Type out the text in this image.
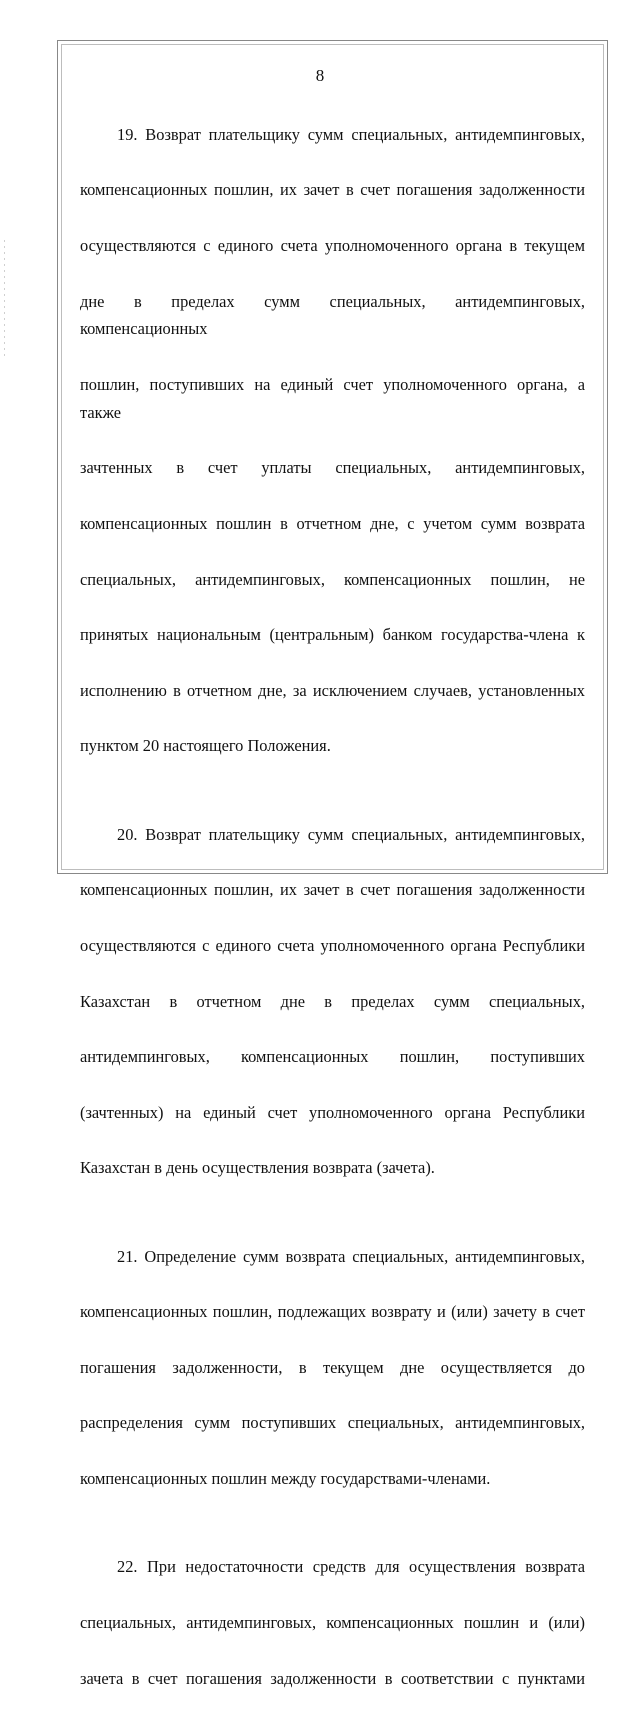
8

19. Возврат плательщику сумм специальных, антидемпинговых,

компенсационных пошлин, их зачет в счет погашения задолженности

осуществляются с единого счета уполномоченного органа в текущем

дне в пределах сумм специальных, антидемпинговых, компенсационных

пошлин, поступивших на единый счет уполномоченного органа, а также

зачтенных в счет уплаты специальных, антидемпинговых,

компенсационных пошлин в отчетном дне, с учетом сумм возврата

специальных, антидемпинговых, компенсационных пошлин, не

принятых национальным (центральным) банком государства-члена к

исполнению в отчетном дне, за исключением случаев, установленных

пунктом 20 настоящего Положения.

20. Возврат плательщику сумм специальных, антидемпинговых,

компенсационных пошлин, их зачет в счет погашения задолженности

осуществляются с единого счета уполномоченного органа Республики

Казахстан в отчетном дне в пределах сумм специальных,

антидемпинговых, компенсационных пошлин, поступивших

(зачтенных) на единый счет уполномоченного органа Республики

Казахстан в день осуществления возврата (зачета).

21. Определение сумм возврата специальных, антидемпинговых,

компенсационных пошлин, подлежащих возврату и (или) зачету в счет

погашения задолженности, в текущем дне осуществляется до

распределения сумм поступивших специальных, антидемпинговых,

компенсационных пошлин между государствами-членами.

22. При недостаточности средств для осуществления возврата

специальных, антидемпинговых, компенсационных пошлин и (или)

зачета в счет погашения задолженности в соответствии с пунктами
